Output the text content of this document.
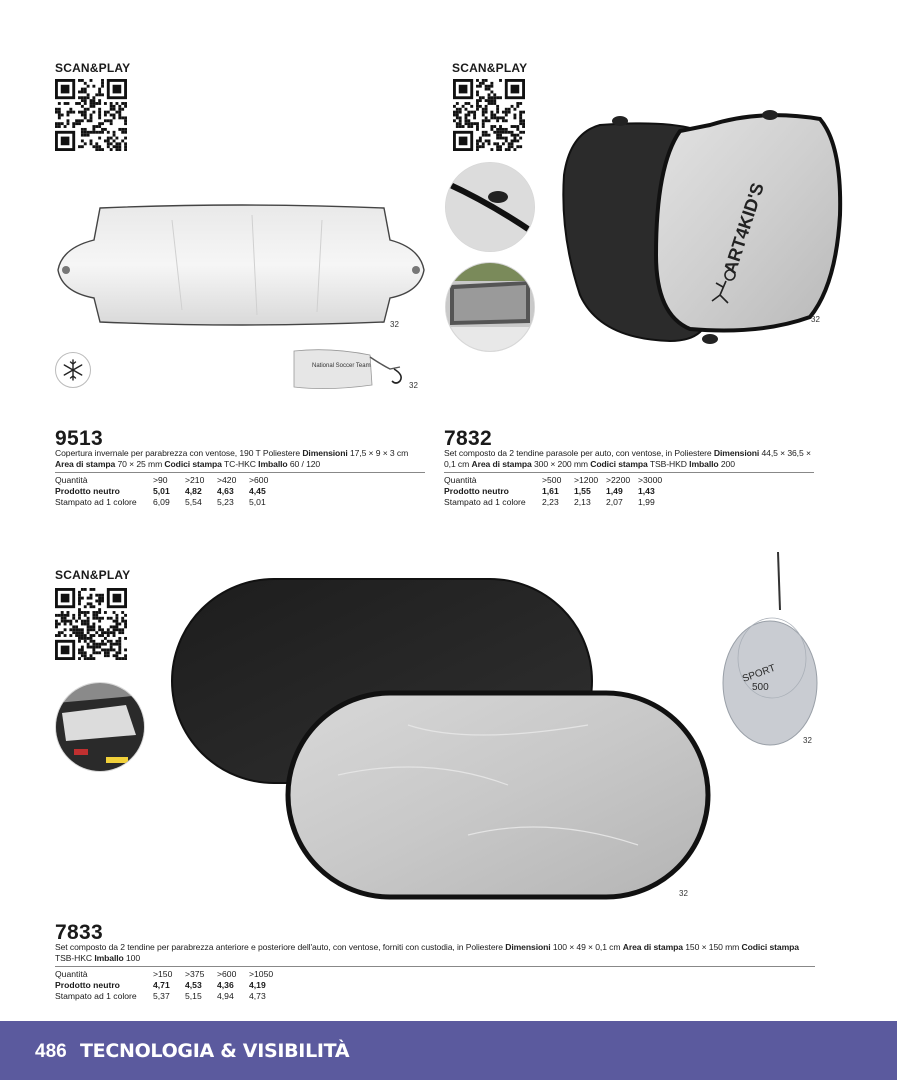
SCAN&PLAY
32
National Soccer Team
32
9513
Copertura invernale per parabrezza con ventose, 190 T Poliestere Dimensioni 17,5 × 9 × 3 cm Area di stampa 70 × 25 mm Codici stampa TC-HKC Imballo 60 / 120
Quantità	>90	>210	>420	>600
Prodotto neutro	5,01	4,82	4,63	4,45
Stampato ad 1 colore	6,09	5,54	5,23	5,01
SCAN&PLAY
ART4KID'S
32
7832
Set composto da 2 tendine parasole per auto, con ventose, in Poliestere Dimensioni 44,5 × 36,5 × 0,1 cm Area di stampa 300 × 200 mm Codici stampa TSB-HKD Imballo 200
Quantità	>500	>1200	>2200	>3000
Prodotto neutro	1,61	1,55	1,49	1,43
Stampato ad 1 colore	2,23	2,13	2,07	1,99
SCAN&PLAY
32
SPORT
500
32
7833
Set composto da 2 tendine per parabrezza anteriore e posteriore dell'auto, con ventose, forniti con custodia, in Poliestere Dimensioni 100 × 49 × 0,1 cm Area di stampa 150 × 150 mm Codici stampa TSB-HKC Imballo 100
Quantità	>150	>375	>600	>1050
Prodotto neutro	4,71	4,53	4,36	4,19
Stampato ad 1 colore	5,37	5,15	4,94	4,73
486 TECNOLOGIA & VISIBILITÀ
